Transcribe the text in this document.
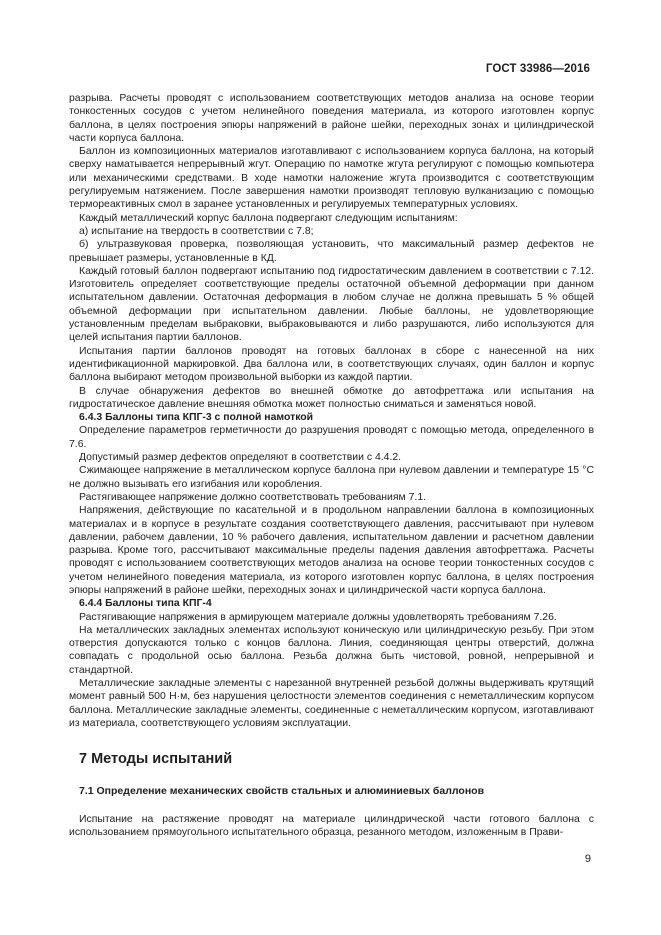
ГОСТ 33986—2016

разрыва. Расчеты проводят с использованием соответствующих методов анализа на основе теории тонкостенных сосудов с учетом нелинейного поведения материала, из которого изготовлен корпус баллона, в целях построения эпюры напряжений в районе шейки, переходных зонах и цилиндрической части корпуса баллона.

Баллон из композиционных материалов изготавливают с использованием корпуса баллона, на который сверху наматывается непрерывный жгут. Операцию по намотке жгута регулируют с помощью компьютера или механическими средствами. В ходе намотки наложение жгута производится с соответствующим регулируемым натяжением. После завершения намотки производят тепловую вулканизацию с помощью термореактивных смол в заранее установленных и регулируемых температурных условиях.

Каждый металлический корпус баллона подвергают следующим испытаниям:

а) испытание на твердость в соответствии с 7.8;

б) ультразвуковая проверка, позволяющая установить, что максимальный размер дефектов не превышает размеры, установленные в КД.

Каждый готовый баллон подвергают испытанию под гидростатическим давлением в соответствии с 7.12. Изготовитель определяет соответствующие пределы остаточной объемной деформации при данном испытательном давлении. Остаточная деформация в любом случае не должна превышать 5 % общей объемной деформации при испытательном давлении. Любые баллоны, не удовлетворяющие установленным пределам выбраковки, выбраковываются и либо разрушаются, либо используются для целей испытания партии баллонов.

Испытания партии баллонов проводят на готовых баллонах в сборе с нанесенной на них идентификационной маркировкой. Два баллона или, в соответствующих случаях, один баллон и корпус баллона выбирают методом произвольной выборки из каждой партии.

В случае обнаружения дефектов во внешней обмотке до автофреттажа или испытания на гидростатическое давление внешняя обмотка может полностью сниматься и заменяться новой.

6.4.3 Баллоны типа КПГ-3 с полной намоткой

Определение параметров герметичности до разрушения проводят с помощью метода, определенного в 7.6.

Допустимый размер дефектов определяют в соответствии с 4.4.2.

Сжимающее напряжение в металлическом корпусе баллона при нулевом давлении и температуре 15 °C не должно вызывать его изгибания или коробления.

Растягивающее напряжение должно соответствовать требованиям 7.1.

Напряжения, действующие по касательной и в продольном направлении баллона в композиционных материалах и в корпусе в результате создания соответствующего давления, рассчитывают при нулевом давлении, рабочем давлении, 10 % рабочего давления, испытательном давлении и расчетном давлении разрыва. Кроме того, рассчитывают максимальные пределы падения давления автофреттажа. Расчеты проводят с использованием соответствующих методов анализа на основе теории тонкостенных сосудов с учетом нелинейного поведения материала, из которого изготовлен корпус баллона, в целях построения эпюры напряжений в районе шейки, переходных зонах и цилиндрической части корпуса баллона.

6.4.4 Баллоны типа КПГ-4

Растягивающие напряжения в армирующем материале должны удовлетворять требованиям 7.26.

На металлических закладных элементах используют коническую или цилиндрическую резьбу. При этом отверстия допускаются только с концов баллона. Линия, соединяющая центры отверстий, должна совпадать с продольной осью баллона. Резьба должна быть чистовой, ровной, непрерывной и стандартной.

Металлические закладные элементы с нарезанной внутренней резьбой должны выдерживать крутящий момент равный 500 Н·м, без нарушения целостности элементов соединения с неметаллическим корпусом баллона. Металлические закладные элементы, соединенные с неметаллическим корпусом, изготавливают из материала, соответствующего условиям эксплуатации.

7 Методы испытаний

7.1 Определение механических свойств стальных и алюминиевых баллонов

Испытание на растяжение проводят на материале цилиндрической части готового баллона с использованием прямоугольного испытательного образца, резанного методом, изложенным в Прави-

9
